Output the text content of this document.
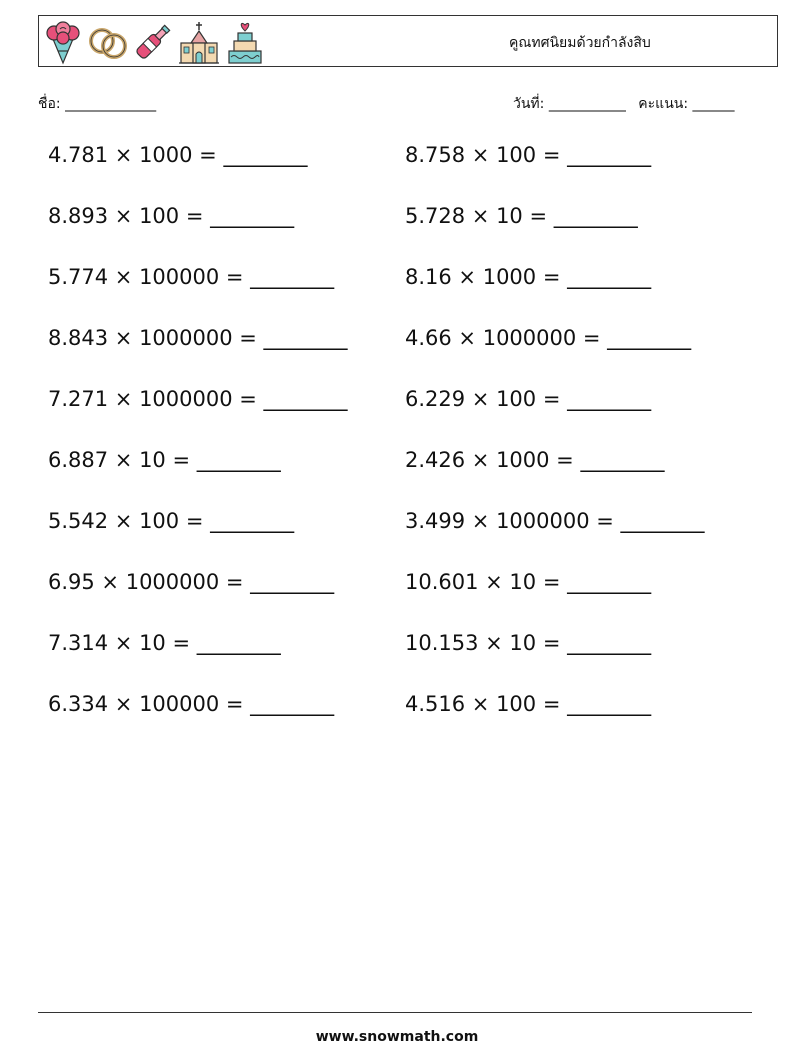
คูณทศนิยมด้วยกำลังสิบ
ชื่อ: _____________	วันที่: ___________ คะแนน: ______
4.781 × 1000 = ________	8.758 × 100 = ________
8.893 × 100 = ________	5.728 × 10 = ________
5.774 × 100000 = ________	8.16 × 1000 = ________
8.843 × 1000000 = ________	4.66 × 1000000 = ________
7.271 × 1000000 = ________	6.229 × 100 = ________
6.887 × 10 = ________	2.426 × 1000 = ________
5.542 × 100 = ________	3.499 × 1000000 = ________
6.95 × 1000000 = ________	10.601 × 10 = ________
7.314 × 10 = ________	10.153 × 10 = ________
6.334 × 100000 = ________	4.516 × 100 = ________
www.snowmath.com
